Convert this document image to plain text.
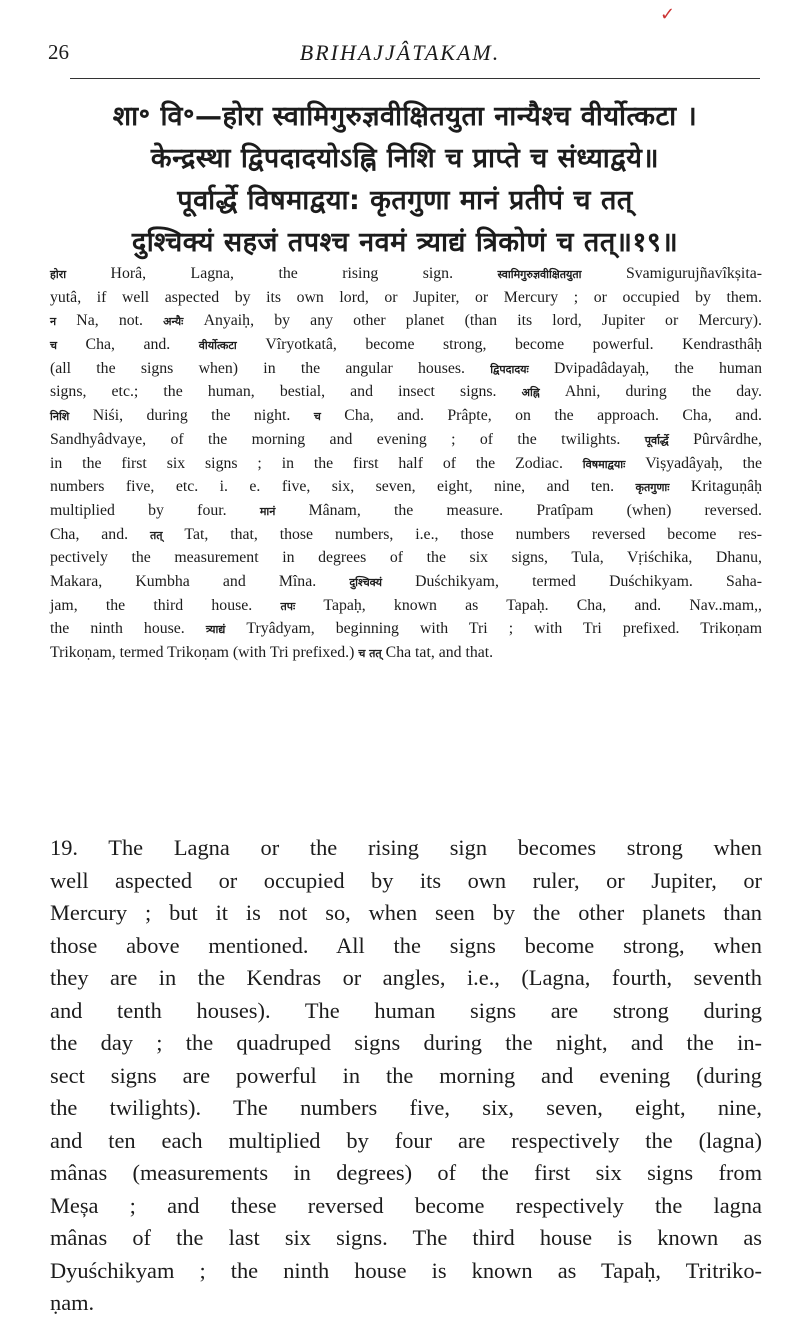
✓
26	BRIHAJJÂTAKAM.
शा॰ वि॰—होरा स्वामिगुरुज्ञवीक्षितयुता नान्यैश्च वीर्योत्कटा ।
केन्द्रस्था द्विपदादयोऽह्नि निशि च प्राप्ते च संध्याद्वये॥
पूर्वार्द्धे विषमाद्वया: कृतगुणा मानं प्रतीपं च तत्
दुश्चिक्यं सहजं तपश्च नवमं त्र्याद्यं त्रिकोणं च तत्॥१९॥
होरा Horâ, Lagna, the rising sign. स्वामिगुरुज्ञवीक्षितयुता Svamigurujñavîkșita-
yutâ, if well aspected by its own lord, or Jupiter, or Mercury ; or occupied by them.
न Na, not. अन्यैः Anyaiḥ, by any other planet (than its lord, Jupiter or Mercury).
च Cha, and. वीर्योत्कटा Vîryotkatâ, become strong, become powerful. Kendrasthâḥ
(all the signs when) in the angular houses. द्विपदादयः Dvipadâdayaḥ, the human
signs, etc.; the human, bestial, and insect signs. अह्नि Ahni, during the day.
निशि Niśi, during the night. च Cha, and. Prâpte, on the approach. Cha, and.
Sandhyâdvaye, of the morning and evening ; of the twilights. पूर्वार्द्धे Pûrvârdhe,
in the first six signs ; in the first half of the Zodiac. विषमाद्वयाः Vișyadâyaḥ, the
numbers five, etc. i. e. five, six, seven, eight, nine, and ten. कृतगुणाः Kritaguṇâḥ
multiplied by four. मानं Mânam, the measure. Pratîpam (when) reversed.
Cha, and. तत् Tat, that, those numbers, i.e., those numbers reversed become res-
pectively the measurement in degrees of the six signs, Tula, Vṛiśchika, Dhanu,
Makara, Kumbha and Mîna. दुश्चिक्यं Duśchikyam, termed Duśchikyam. Saha-
jam, the third house. तपः Tapaḥ, known as Tapaḥ. Cha, and. Nav..mam,,
the ninth house. त्र्याद्यं Tryâdyam, beginning with Tri ; with Tri prefixed. Trikoṇam
Trikoṇam, termed Trikoṇam (with Tri prefixed.) च तत् Cha tat, and that.
19. The Lagna or the rising sign becomes strong when
well aspected or occupied by its own ruler, or Jupiter, or
Mercury ; but it is not so, when seen by the other planets than
those above mentioned. All the signs become strong, when
they are in the Kendras or angles, i.e., (Lagna, fourth, seventh
and tenth houses). The human signs are strong during
the day ; the quadruped signs during the night, and the in-
sect signs are powerful in the morning and evening (during
the twilights). The numbers five, six, seven, eight, nine,
and ten each multiplied by four are respectively the (lagna)
mânas (measurements in degrees) of the first six signs from
Meșa ; and these reversed become respectively the lagna
mânas of the last six signs. The third house is known as
Dyuśchikyam ; the ninth house is known as Tapaḥ, Tritriko-
ṇam.
